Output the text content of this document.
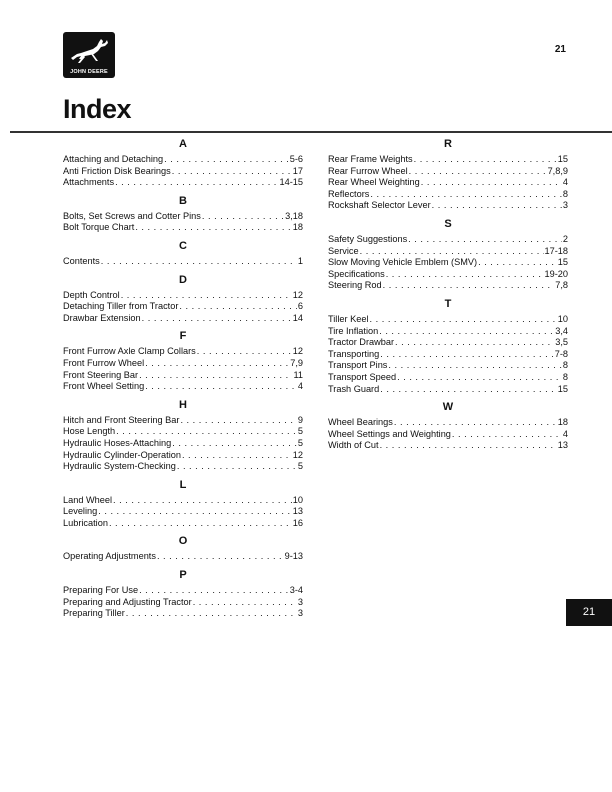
JOHN DEERE
21
Index
A
Attaching and Detaching . . .	5-6
Anti Friction Disk Bearings . . .	17
Attachments . . .	14-15
B
Bolts, Set Screws and Cotter Pins . . .	3,18
Bolt Torque Chart . . .	18
C
Contents . . .	1
D
Depth Control . . .	12
Detaching Tiller from Tractor . . .	6
Drawbar Extension . . .	14
F
Front Furrow Axle Clamp Collars . . .	12
Front Furrow Wheel . . .	7,9
Front Steering Bar . . .	11
Front Wheel Setting . . .	4
H
Hitch and Front Steering Bar . . .	9
Hose Length . . .	5
Hydraulic Hoses-Attaching . . .	5
Hydraulic Cylinder-Operation . . .	12
Hydraulic System-Checking . . .	5
L
Land Wheel . . .	10
Leveling . . .	13
Lubrication . . .	16
O
Operating Adjustments . . .	9-13
P
Preparing For Use . . .	3-4
Preparing and Adjusting Tractor . . .	3
Preparing Tiller . . .	3
R
Rear Frame Weights . . .	15
Rear Furrow Wheel . . .	7,8,9
Rear Wheel Weighting . . .	4
Reflectors . . .	8
Rockshaft Selector Lever . . .	3
S
Safety Suggestions . . .	2
Service . . .	17-18
Slow Moving Vehicle Emblem (SMV) . . .	15
Specifications . . .	19-20
Steering Rod . . .	7,8
T
Tiller Keel . . .	10
Tire Inflation . . .	3,4
Tractor Drawbar . . .	3,5
Transporting . . .	7-8
Transport Pins . . .	8
Transport Speed . . .	8
Trash Guard . . .	15
W
Wheel Bearings . . .	18
Wheel Settings and Weighting . . .	4
Width of Cut . . .	13
21
